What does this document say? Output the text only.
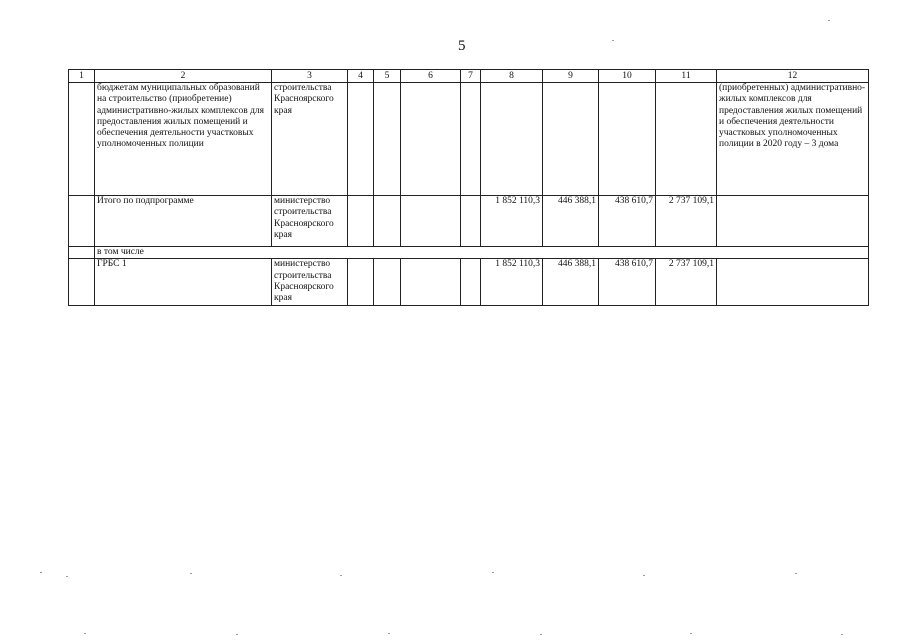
5
1	2	3	4	5	6	7	8	9	10	11	12
	бюджетам муниципальных образований на строительство (приобретение) административно-жилых комплексов для предоставления жилых помещений и обеспечения деятельности участковых уполномоченных полиции	строительства Красноярского края									(приобретенных) административно-жилых комплексов для предоставления жилых помещений и обеспечения деятельности участковых уполномоченных полиции в 2020 году – 3 дома
	Итого по подпрограмме	министерство строительства Красноярского края					1 852 110,3	446 388,1	438 610,7	2 737 109,1	
	в том числе										
	ГРБС 1	министерство строительства Красноярского края					1 852 110,3	446 388,1	438 610,7	2 737 109,1	
